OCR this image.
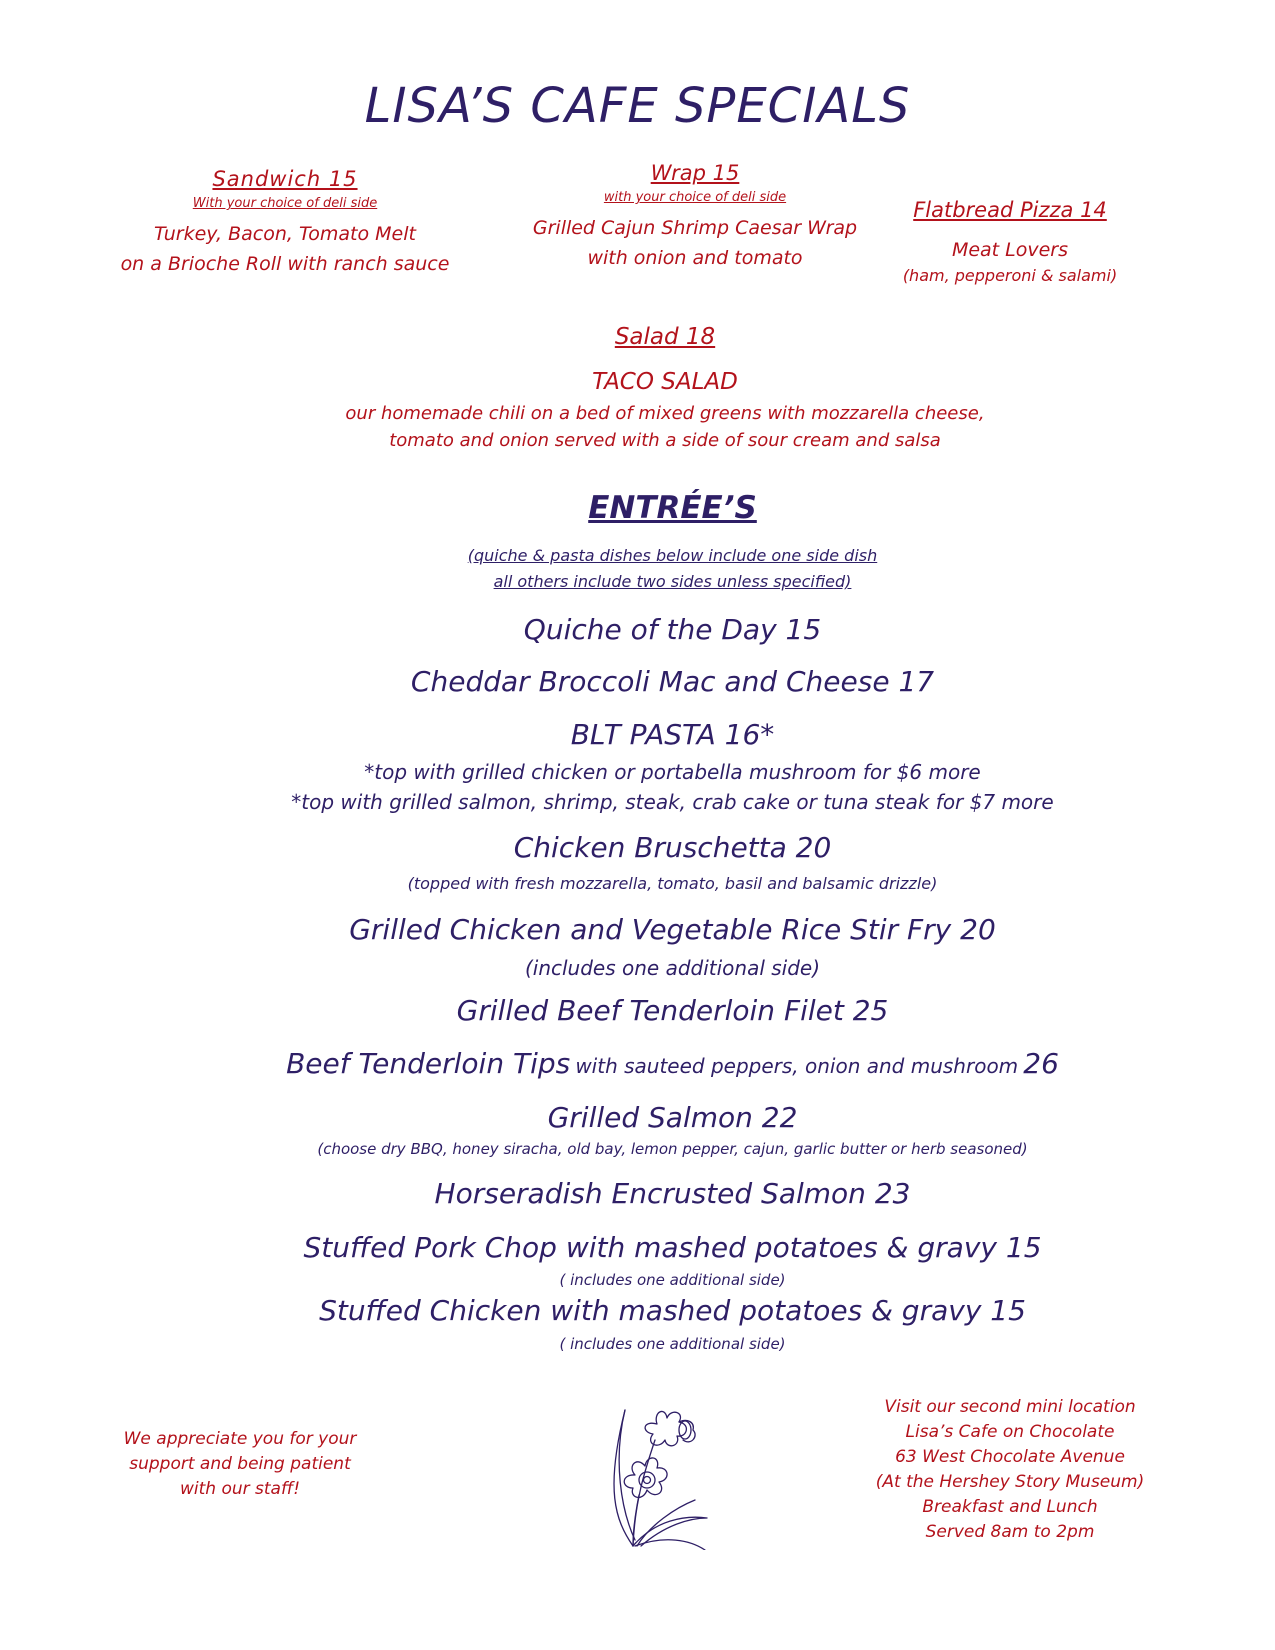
LISA’S CAFE SPECIALS
Sandwich 15
With your choice of deli side
Turkey, Bacon, Tomato Melt
on a Brioche Roll with ranch sauce
Wrap 15
with your choice of deli side
Grilled Cajun Shrimp Caesar Wrap
with onion and tomato
Flatbread Pizza 14
Meat Lovers
(ham, pepperoni & salami)
Salad 18
TACO SALAD
our homemade chili on a bed of mixed greens with mozzarella cheese,
tomato and onion served with a side of sour cream and salsa
ENTRÉE’S
(quiche & pasta dishes below include one side dish
all others include two sides unless specified)
Quiche of the Day 15
Cheddar Broccoli Mac and Cheese 17
BLT PASTA 16*
*top with grilled chicken or portabella mushroom for $6 more
*top with grilled salmon, shrimp, steak, crab cake or tuna steak for $7 more
Chicken Bruschetta 20
(topped with fresh mozzarella, tomato, basil and balsamic drizzle)
Grilled Chicken and Vegetable Rice Stir Fry 20
(includes one additional side)
Grilled Beef Tenderloin Filet 25
Beef Tenderloin Tips with sauteed peppers, onion and mushroom 26
Grilled Salmon 22
(choose dry BBQ, honey siracha, old bay, lemon pepper, cajun, garlic butter or herb seasoned)
Horseradish Encrusted Salmon 23
Stuffed Pork Chop with mashed potatoes & gravy 15
( includes one additional side)
Stuffed Chicken with mashed potatoes & gravy 15
( includes one additional side)
We appreciate you for your
support and being patient
with our staff!
Visit our second mini location
Lisa’s Cafe on Chocolate
63 West Chocolate Avenue
(At the Hershey Story Museum)
Breakfast and Lunch
Served 8am to 2pm
